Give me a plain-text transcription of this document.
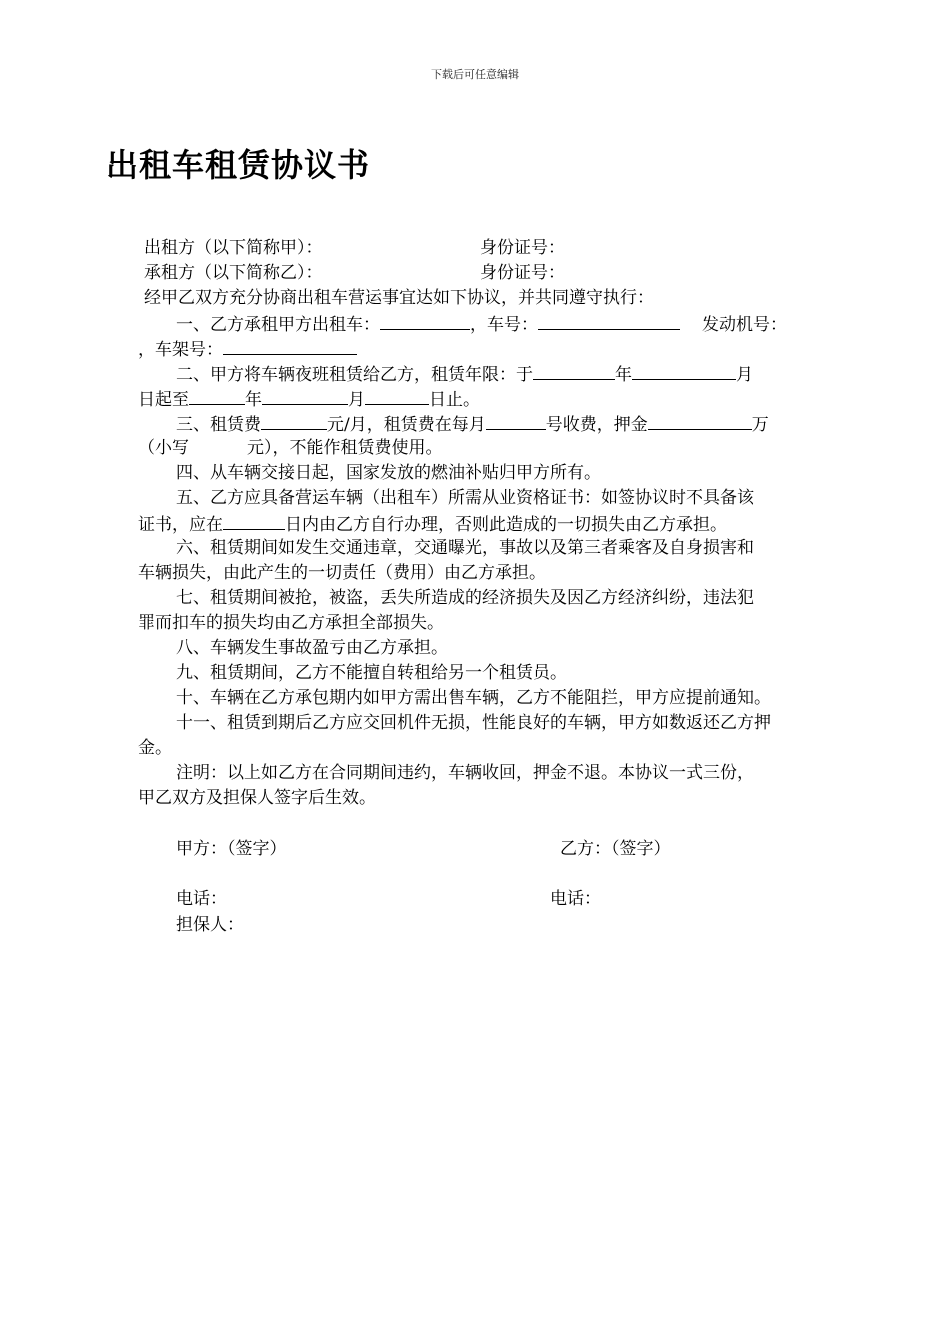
下载后可任意编辑
出租车租赁协议书
出租方（以下简称甲）：	身份证号：
承租方（以下简称乙）：	身份证号：
经甲乙双方充分协商出租车营运事宜达如下协议，并共同遵守执行：
一、乙方承租甲方出租车：	，车号：	发动机号：
，车架号：
二、甲方将车辆夜班租赁给乙方，租赁年限：于	年	月
日起至	年	月	日止。
三、租赁费	元/月，租赁费在每月	号收费，押金	万
（小写	元），不能作租赁费使用。
四、从车辆交接日起，国家发放的燃油补贴归甲方所有。
五、乙方应具备营运车辆（出租车）所需从业资格证书：如签协议时不具备该
证书，应在	日内由乙方自行办理，否则此造成的一切损失由乙方承担。
六、租赁期间如发生交通违章，交通曝光，事故以及第三者乘客及自身损害和
车辆损失，由此产生的一切责任（费用）由乙方承担。
七、租赁期间被抢，被盗，丢失所造成的经济损失及因乙方经济纠纷，违法犯
罪而扣车的损失均由乙方承担全部损失。
八、车辆发生事故盈亏由乙方承担。
九、租赁期间，乙方不能擅自转租给另一个租赁员。
十、车辆在乙方承包期内如甲方需出售车辆，乙方不能阻拦，甲方应提前通知。
十一、租赁到期后乙方应交回机件无损，性能良好的车辆，甲方如数返还乙方押
金。
注明：以上如乙方在合同期间违约，车辆收回，押金不退。本协议一式三份，
甲乙双方及担保人签字后生效。
甲方：（签字）	乙方：（签字）
电话：	电话：
担保人：
